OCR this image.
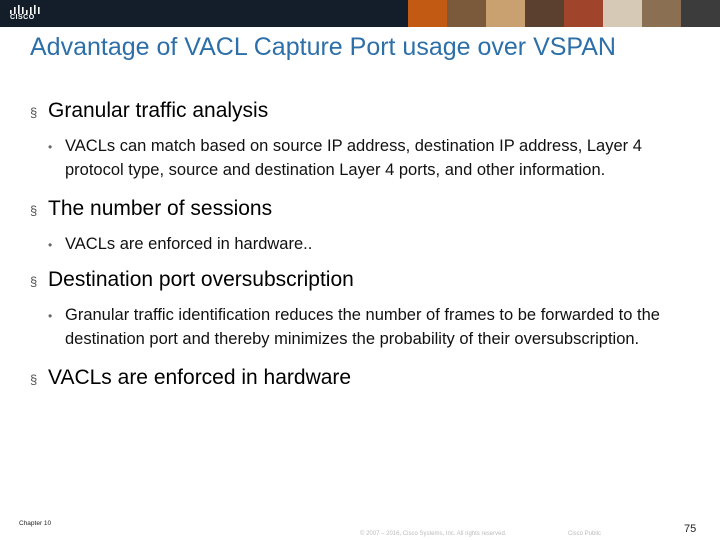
CISCO
Advantage of VACL Capture Port usage over VSPAN
§ Granular traffic analysis
• VACLs can match based on source IP address, destination IP address, Layer 4 protocol type, source and destination Layer 4 ports, and other information.
§ The number of sessions
• VACLs are enforced in hardware..
§ Destination port oversubscription
• Granular traffic identification reduces the number of frames to be forwarded to the destination port and thereby minimizes the probability of their oversubscription.
§ VACLs are enforced in hardware
Chapter 10
© 2007 – 2016, Cisco Systems, Inc. All rights reserved.	Cisco Public	75
